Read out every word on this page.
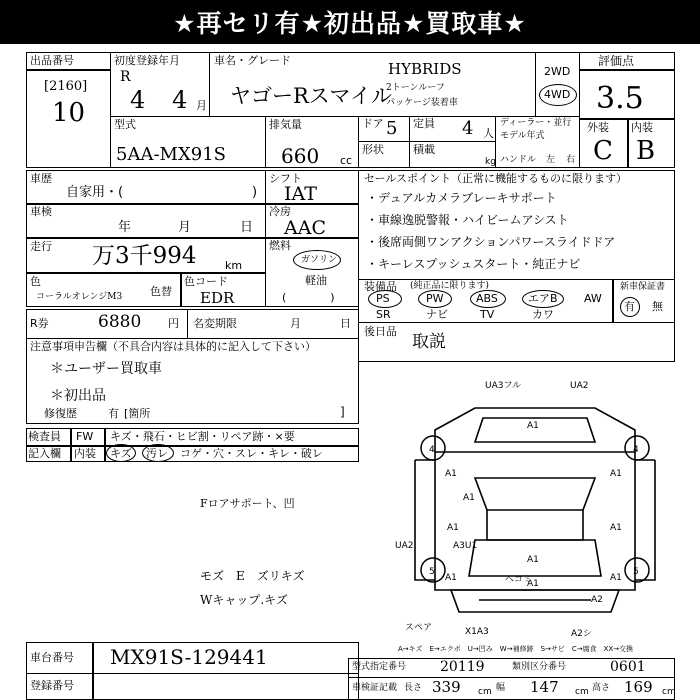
★再セリ有★初出品★買取車★
出品番号
[2160]
10
初度登録年月
R
4 4 月
車名・グレード	HYBRIDS
ヤゴーRスマイル
2トーンルーフ
パッケージ装着車
2WD
4WD
評価点
3.5
外装 内装
C B
型式
5AA-MX91S
排気量
660 cc
ドア 5 定員 4 人
ディーラー・並行
モデル年式
形状	積載
kg ハンドル 左 右
車歴
自家用・(	)
車検
年	月	日
走行 万3千994	km
色
コーラルオレンジM3	色替
色コード
EDR
シフト
IAT
冷房
AAC
燃料
ガソリン
軽油
(　　　　)
セールスポイント（正常に機能するものに限ります）
・デュアルカメラブレーキサポート
・車線逸脱警報・ハイビームアシスト
・後席両側ワンアクションパワースライドドア
・キーレスプッシュスタート・純正ナビ
装備品 (純正品に限ります)	新車保証書
有 無
PS	PW	ABS	エアB AW
SR	ナビ	TV	カワ
R券	6880 円 名変期限	月	日
注意事項申告欄（不具合内容は具体的に記入して下さい）
＊ユーザー買取車
＊初出品
修復歴	有 [箇所	]
後日品
取説
検査員 FW キズ・飛石・ヒビ割・リペア跡・×要
記入欄 内装 キズ 汚レ コゲ・穴・スレ・キレ・破レ
Fロアサポート、凹
モズ　E　ズリキズ
Wキャップ.キズ
UA3フル	UA2
A1
A1	A1
A1
A1	A1
A3U1
A1
A1
UA2
A1	A1
A2
ヘコミ
スペア	X1A3	A2シ
4	4
5	5
A→キズ　E→エクボ　U→凹み　W→補修跡　S→サビ　C→腐食　XX→交換
車台番号 MX91S-129441
登録番号
型式指定番号 20119	類別区分番号	0601
車検証記載 長さ 339 cm 幅 147 cm 高さ 169 cm
